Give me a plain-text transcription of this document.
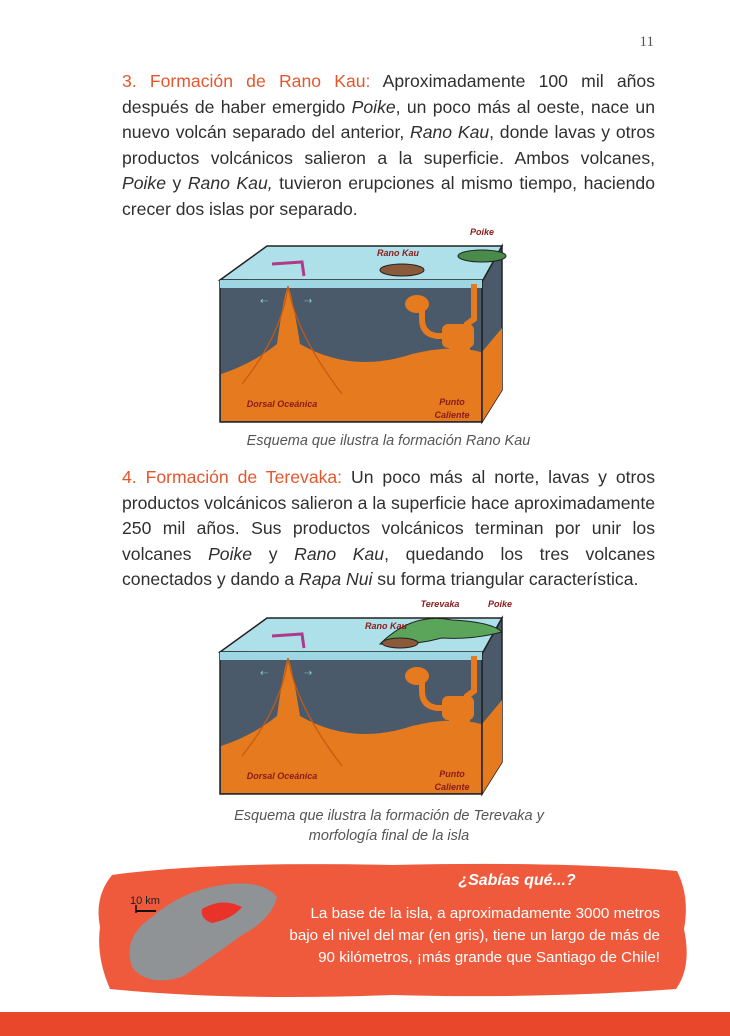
11

3. Formación de Rano Kau: Aproximadamente 100 mil años después de haber emergido Poike, un poco más al oeste, nace un nuevo volcán separado del anterior, Rano Kau, donde lavas y otros productos volcánicos salieron a la superficie. Ambos volcanes, Poike y Rano Kau, tuvieron erupciones al mismo tiempo, haciendo crecer dos islas por separado.

⇠	⇢
Rano Kau
Poike
Dorsal Oceánica	Punto
Caliente
Esquema que ilustra la formación Rano Kau

4. Formación de Terevaka: Un poco más al norte, lavas y otros productos volcánicos salieron a la superficie hace aproximadamente 250 mil años. Sus productos volcánicos terminan por unir los volcanes Poike y Rano Kau, quedando los tres volcanes conectados y dando a Rapa Nui su forma triangular característica.

⇠	⇢
Terevaka	Poike
Rano Kau
Dorsal Oceánica	Punto
Caliente
Esquema que ilustra la formación de Terevaka y morfología final de la isla
10 km
¿Sabías qué...?
La base de la isla, a aproximadamente 3000 metros bajo el nivel del mar (en gris), tiene un largo de más de 90 kilómetros, ¡más grande que Santiago de Chile!
